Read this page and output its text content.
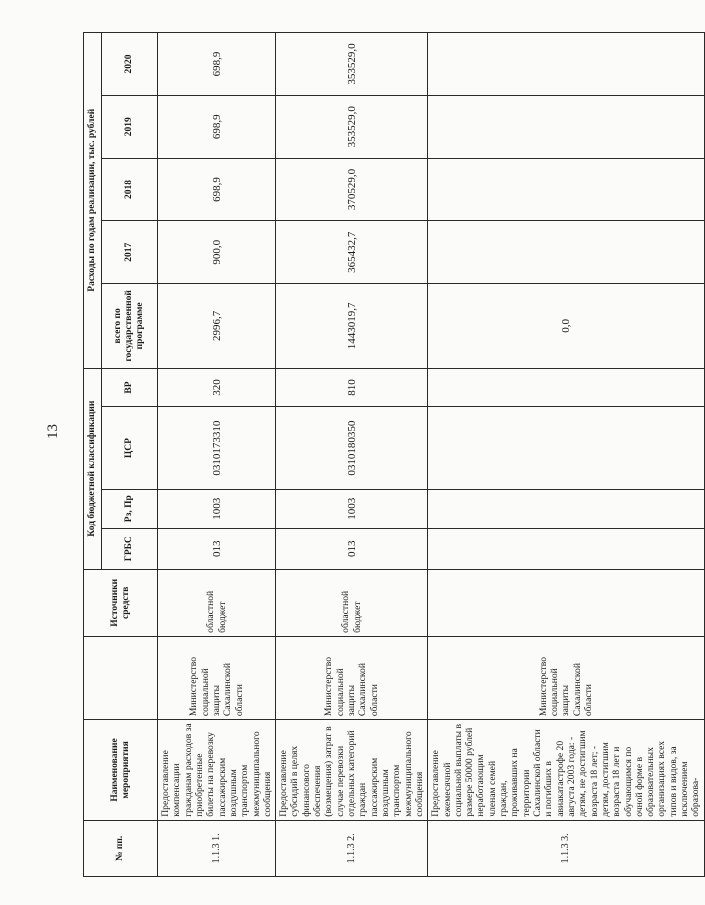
13
№ пп.	Наименование мероприятия		Источники средств	Код бюджетной классификации				Расходы по годам реализации, тыс. рублей				
				ГРБС	Рз, Пр	ЦСР	ВР	всего по государственной программе	2017	2018	2019	2020
1.1.3 1.	Предоставление компенсации гражданам расходов за приобретенные билеты на перевозку пассажирским воздушным транспортом межмуниципального сообщения	Министерство социальной защиты Сахалинской области	областной бюджет	013	1003	0310173310	320	2996,7	900,0	698,9	698,9	698,9
1.1.3 2.	Предоставление субсидий в целях финансового обеспечения (возмещения) затрат в случае перевозки отдельных категорий граждан пассажирским воздушным транспортом межмуниципального сообщения	Министерство социальной защиты Сахалинской области	областной бюджет	013	1003	0310180350	810	1443019,7	365432,7	370529,0	353529,0	353529,0
1.1.3 3.	Предоставление ежемесячной социальной выплаты в размере 50000 рублей неработающим членам семей граждан, проживавших на территории Сахалинской области и погибших в авиакатастрофе 20 августа 2003 года: - детям, не достигшим возраста 18 лет; - детям, достигшим возраста 18 лет и обучающимся по очной форме в образовательных организациях всех типов и видов, за исключением образова-	Министерство социальной защиты Сахалинской области						0,0				
